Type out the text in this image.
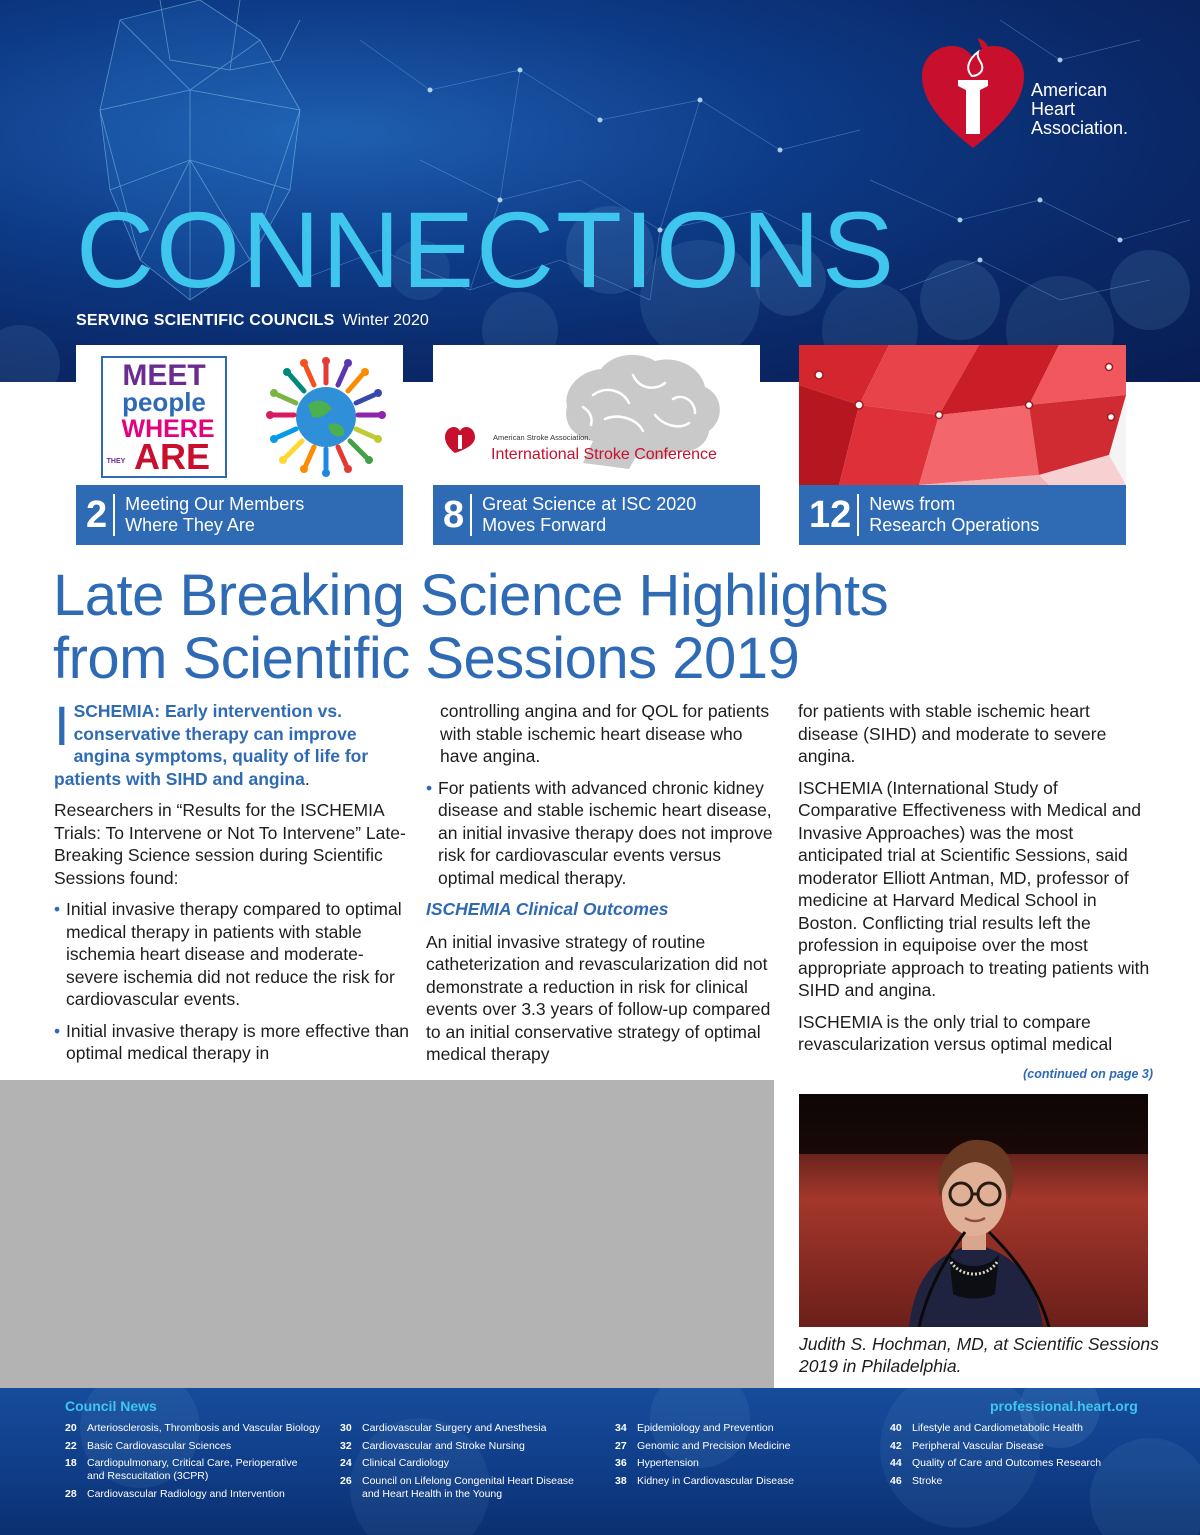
CONNECTIONS
SERVING SCIENTIFIC COUNCILS Winter 2020
American
Heart
Association.
MEET
people
WHERE
THEY ARE
2	Meeting Our Members
Where They Are
American Stroke Association.
International Stroke Conference
8	Great Science at ISC 2020
Moves Forward	12	News from
Research Operations
Late Breaking Science Highlights
from Scientific Sessions 2019

ISCHEMIA: Early intervention vs. conservative therapy can improve angina symptoms, quality of life for patients with SIHD and angina.

Researchers in “Results for the ISCHEMIA Trials: To Intervene or Not To Intervene” Late-Breaking Science session during Scientific Sessions found:

• Initial invasive therapy compared to optimal medical therapy in patients with stable ischemia heart disease and moderate-severe ischemia did not reduce the risk for cardiovascular events.
• Initial invasive therapy is more effective than optimal medical therapy in
controlling angina and for QOL for patients with stable ischemic heart disease who have angina.
• For patients with advanced chronic kidney disease and stable ischemic heart disease, an initial invasive therapy does not improve risk for cardiovascular events versus optimal medical therapy.
ISCHEMIA Clinical Outcomes

An initial invasive strategy of routine catheterization and revascularization did not demonstrate a reduction in risk for clinical events over 3.3 years of follow-up compared to an initial conservative strategy of optimal medical therapy

for patients with stable ischemic heart disease (SIHD) and moderate to severe angina.

ISCHEMIA (International Study of Comparative Effectiveness with Medical and Invasive Approaches) was the most anticipated trial at Scientific Sessions, said moderator Elliott Antman, MD, professor of medicine at Harvard Medical School in Boston. Conflicting trial results left the profession in equipoise over the most appropriate approach to treating patients with SIHD and angina.

ISCHEMIA is the only trial to compare revascularization versus optimal medical

(continued on page 3)
Judith S. Hochman, MD, at Scientific Sessions 2019 in Philadelphia.
Council News	professional.heart.org
20 Arteriosclerosis, Thrombosis and Vascular Biology
22 Basic Cardiovascular Sciences
18 Cardiopulmonary, Critical Care, Perioperative
and Rescucitation (3CPR)
28 Cardiovascular Radiology and Intervention
30 Cardiovascular Surgery and Anesthesia
32 Cardiovascular and Stroke Nursing
24 Clinical Cardiology
26 Council on Lifelong Congenital Heart Disease
and Heart Health in the Young
34 Epidemiology and Prevention
27 Genomic and Precision Medicine
36 Hypertension
38 Kidney in Cardiovascular Disease
40 Lifestyle and Cardiometabolic Health
42 Peripheral Vascular Disease
44 Quality of Care and Outcomes Research
46 Stroke
